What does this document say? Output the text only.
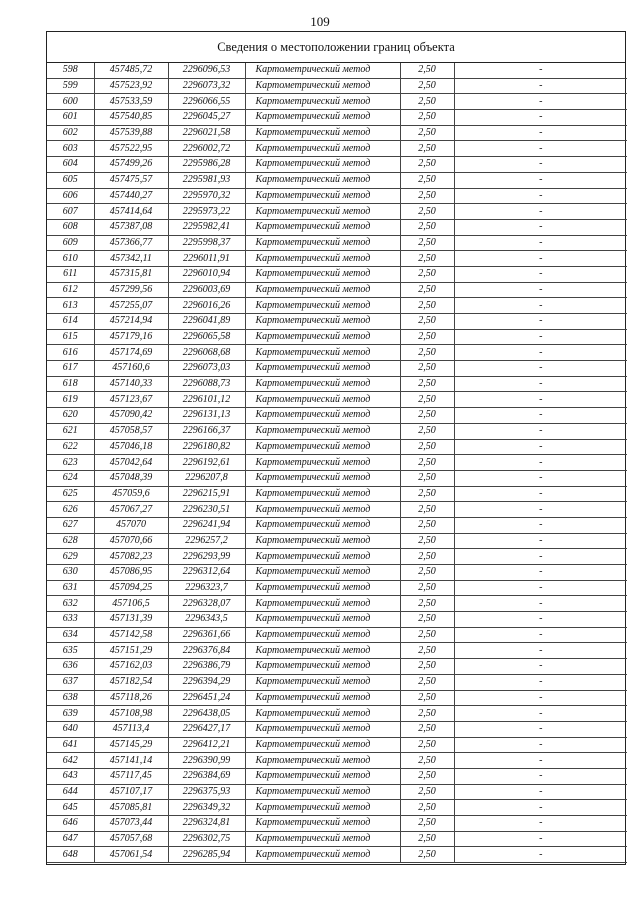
109
Сведения о местоположении границ объекта
598	457485,72	2296096,53	Картометрический метод	2,50	-
599	457523,92	2296073,32	Картометрический метод	2,50	-
600	457533,59	2296066,55	Картометрический метод	2,50	-
601	457540,85	2296045,27	Картометрический метод	2,50	-
602	457539,88	2296021,58	Картометрический метод	2,50	-
603	457522,95	2296002,72	Картометрический метод	2,50	-
604	457499,26	2295986,28	Картометрический метод	2,50	-
605	457475,57	2295981,93	Картометрический метод	2,50	-
606	457440,27	2295970,32	Картометрический метод	2,50	-
607	457414,64	2295973,22	Картометрический метод	2,50	-
608	457387,08	2295982,41	Картометрический метод	2,50	-
609	457366,77	2295998,37	Картометрический метод	2,50	-
610	457342,11	2296011,91	Картометрический метод	2,50	-
611	457315,81	2296010,94	Картометрический метод	2,50	-
612	457299,56	2296003,69	Картометрический метод	2,50	-
613	457255,07	2296016,26	Картометрический метод	2,50	-
614	457214,94	2296041,89	Картометрический метод	2,50	-
615	457179,16	2296065,58	Картометрический метод	2,50	-
616	457174,69	2296068,68	Картометрический метод	2,50	-
617	457160,6	2296073,03	Картометрический метод	2,50	-
618	457140,33	2296088,73	Картометрический метод	2,50	-
619	457123,67	2296101,12	Картометрический метод	2,50	-
620	457090,42	2296131,13	Картометрический метод	2,50	-
621	457058,57	2296166,37	Картометрический метод	2,50	-
622	457046,18	2296180,82	Картометрический метод	2,50	-
623	457042,64	2296192,61	Картометрический метод	2,50	-
624	457048,39	2296207,8	Картометрический метод	2,50	-
625	457059,6	2296215,91	Картометрический метод	2,50	-
626	457067,27	2296230,51	Картометрический метод	2,50	-
627	457070	2296241,94	Картометрический метод	2,50	-
628	457070,66	2296257,2	Картометрический метод	2,50	-
629	457082,23	2296293,99	Картометрический метод	2,50	-
630	457086,95	2296312,64	Картометрический метод	2,50	-
631	457094,25	2296323,7	Картометрический метод	2,50	-
632	457106,5	2296328,07	Картометрический метод	2,50	-
633	457131,39	2296343,5	Картометрический метод	2,50	-
634	457142,58	2296361,66	Картометрический метод	2,50	-
635	457151,29	2296376,84	Картометрический метод	2,50	-
636	457162,03	2296386,79	Картометрический метод	2,50	-
637	457182,54	2296394,29	Картометрический метод	2,50	-
638	457118,26	2296451,24	Картометрический метод	2,50	-
639	457108,98	2296438,05	Картометрический метод	2,50	-
640	457113,4	2296427,17	Картометрический метод	2,50	-
641	457145,29	2296412,21	Картометрический метод	2,50	-
642	457141,14	2296390,99	Картометрический метод	2,50	-
643	457117,45	2296384,69	Картометрический метод	2,50	-
644	457107,17	2296375,93	Картометрический метод	2,50	-
645	457085,81	2296349,32	Картометрический метод	2,50	-
646	457073,44	2296324,81	Картометрический метод	2,50	-
647	457057,68	2296302,75	Картометрический метод	2,50	-
648	457061,54	2296285,94	Картометрический метод	2,50	-
